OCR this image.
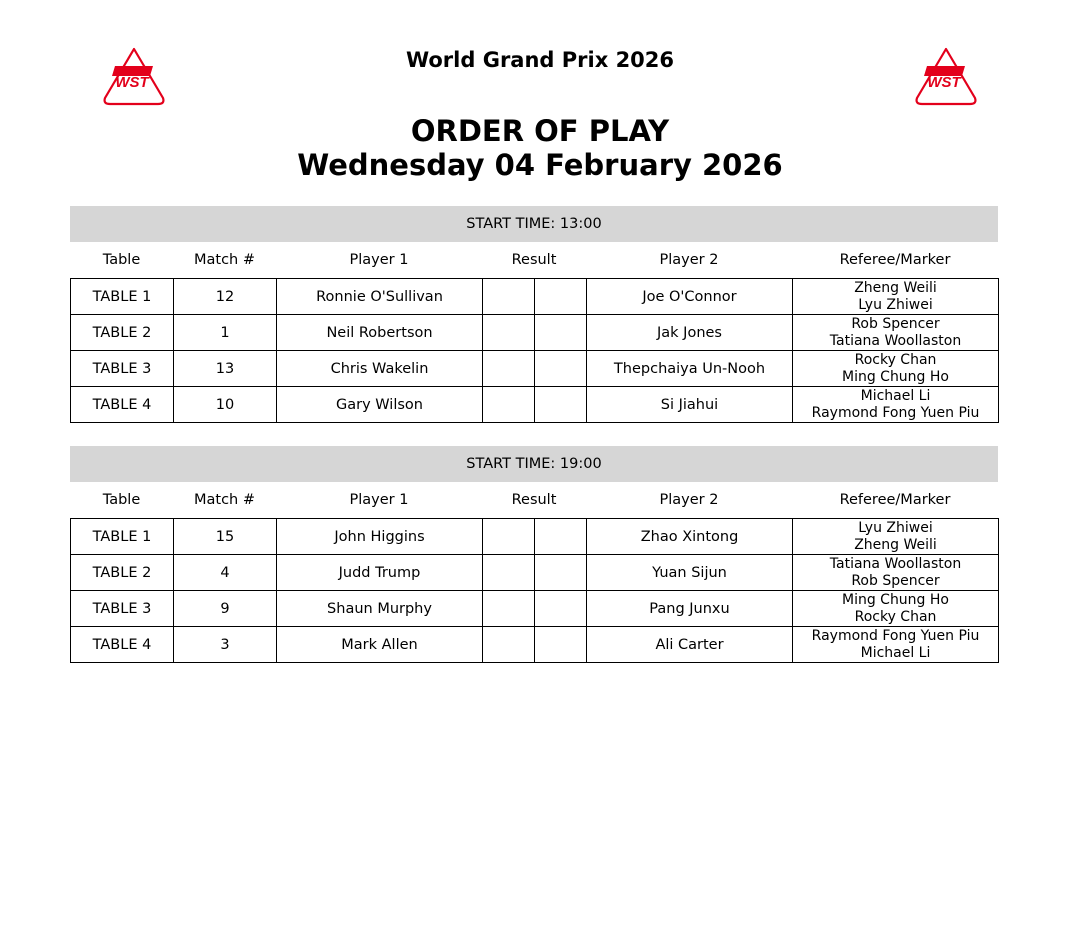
WST	WST
World Grand Prix 2026
ORDER OF PLAY
Wednesday 04 February 2026
START TIME: 13:00
Table	Match #	Player 1	Result	Player 2	Referee/Marker
TABLE 1	12	Ronnie O'Sullivan			Joe O'Connor	Zheng Weili
Lyu Zhiwei

TABLE 2	1	Neil Robertson			Jak Jones	Rob Spencer
Tatiana Woollaston

TABLE 3	13	Chris Wakelin			Thepchaiya Un-Nooh	Rocky Chan
Ming Chung Ho

TABLE 4	10	Gary Wilson			Si Jiahui	Michael Li
Raymond Fong Yuen Piu
START TIME: 19:00
Table	Match #	Player 1	Result	Player 2	Referee/Marker
TABLE 1	15	John Higgins			Zhao Xintong	Lyu Zhiwei
Zheng Weili

TABLE 2	4	Judd Trump			Yuan Sijun	Tatiana Woollaston
Rob Spencer

TABLE 3	9	Shaun Murphy			Pang Junxu	Ming Chung Ho
Rocky Chan

TABLE 4	3	Mark Allen			Ali Carter	Raymond Fong Yuen Piu
Michael Li
